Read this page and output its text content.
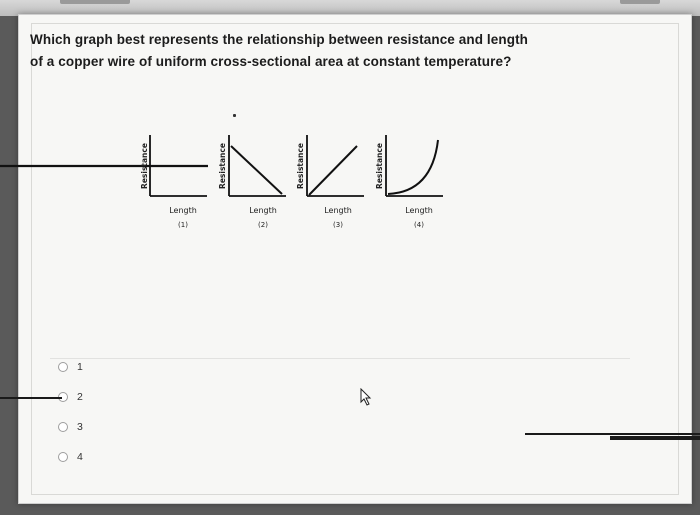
Which graph best represents the relationship between resistance and length
of a copper wire of uniform cross-sectional area at constant temperature?
Resistance
Length
(1)
Resistance
Length
(2)
Resistance
Length
(3)
Resistance
Length
(4)
1
2
3
4
